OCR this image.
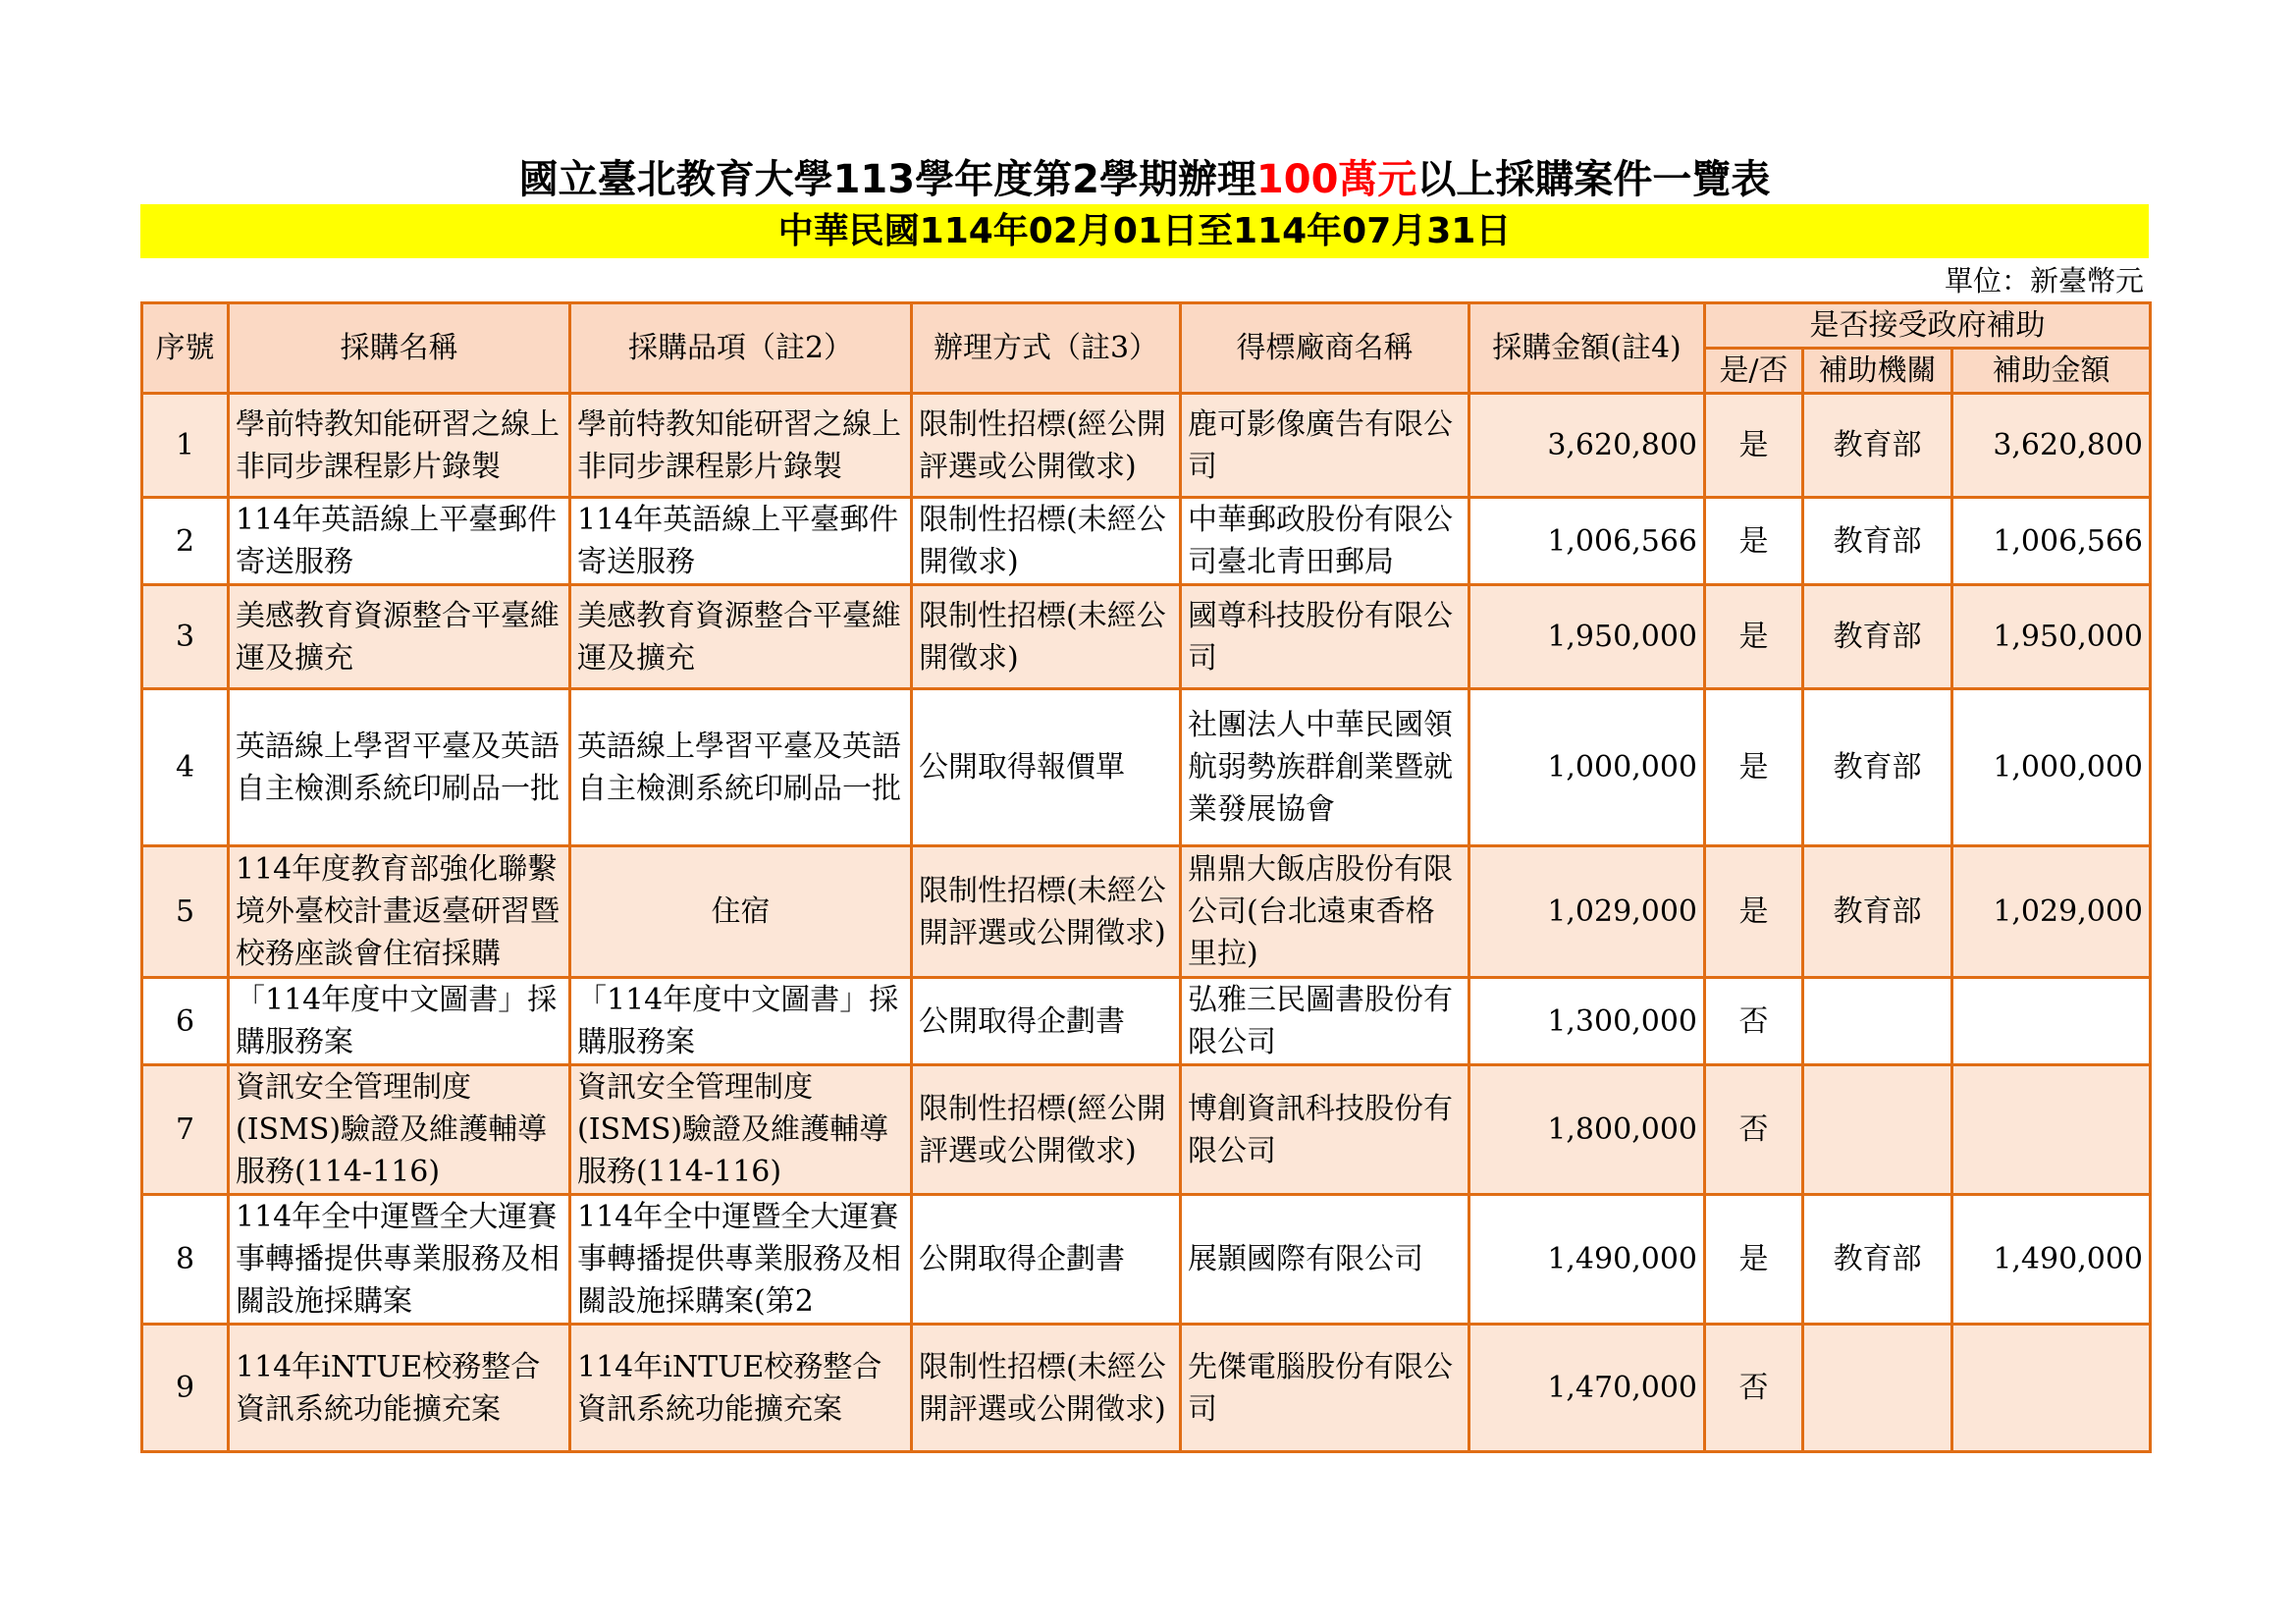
國立臺北教育大學113學年度第2學期辦理100萬元以上採購案件一覽表
中華民國114年02月01日至114年07月31日
單位：新臺幣元
序號	採購名稱	採購品項（註2）	辦理方式（註3）	得標廠商名稱	採購金額(註4)	是否接受政府補助		
						是/否	補助機關	補助金額
1	學前特教知能研習之線上非同步課程影片錄製	學前特教知能研習之線上非同步課程影片錄製	限制性招標(經公開評選或公開徵求)	鹿可影像廣告有限公司	3,620,800	是	教育部	3,620,800
2	114年英語線上平臺郵件寄送服務	114年英語線上平臺郵件寄送服務	限制性招標(未經公開徵求)	中華郵政股份有限公司臺北青田郵局	1,006,566	是	教育部	1,006,566
3	美感教育資源整合平臺維運及擴充	美感教育資源整合平臺維運及擴充	限制性招標(未經公開徵求)	國尊科技股份有限公司	1,950,000	是	教育部	1,950,000
4	英語線上學習平臺及英語自主檢測系統印刷品一批	英語線上學習平臺及英語自主檢測系統印刷品一批	公開取得報價單	社團法人中華民國領航弱勢族群創業暨就業發展協會	1,000,000	是	教育部	1,000,000
5	114年度教育部強化聯繫境外臺校計畫返臺研習暨校務座談會住宿採購	住宿	限制性招標(未經公開評選或公開徵求)	鼎鼎大飯店股份有限公司(台北遠東香格里拉)	1,029,000	是	教育部	1,029,000
6	「114年度中文圖書」採購服務案	「114年度中文圖書」採購服務案	公開取得企劃書	弘雅三民圖書股份有限公司	1,300,000	否		
7	資訊安全管理制度(ISMS)驗證及維護輔導服務(114-116)	資訊安全管理制度(ISMS)驗證及維護輔導服務(114-116)	限制性招標(經公開評選或公開徵求)	博創資訊科技股份有限公司	1,800,000	否		
8	114年全中運暨全大運賽事轉播提供專業服務及相關設施採購案	114年全中運暨全大運賽事轉播提供專業服務及相關設施採購案(第2	公開取得企劃書	展顥國際有限公司	1,490,000	是	教育部	1,490,000
9	114年iNTUE校務整合資訊系統功能擴充案	114年iNTUE校務整合資訊系統功能擴充案	限制性招標(未經公開評選或公開徵求)	先傑電腦股份有限公司	1,470,000	否		
